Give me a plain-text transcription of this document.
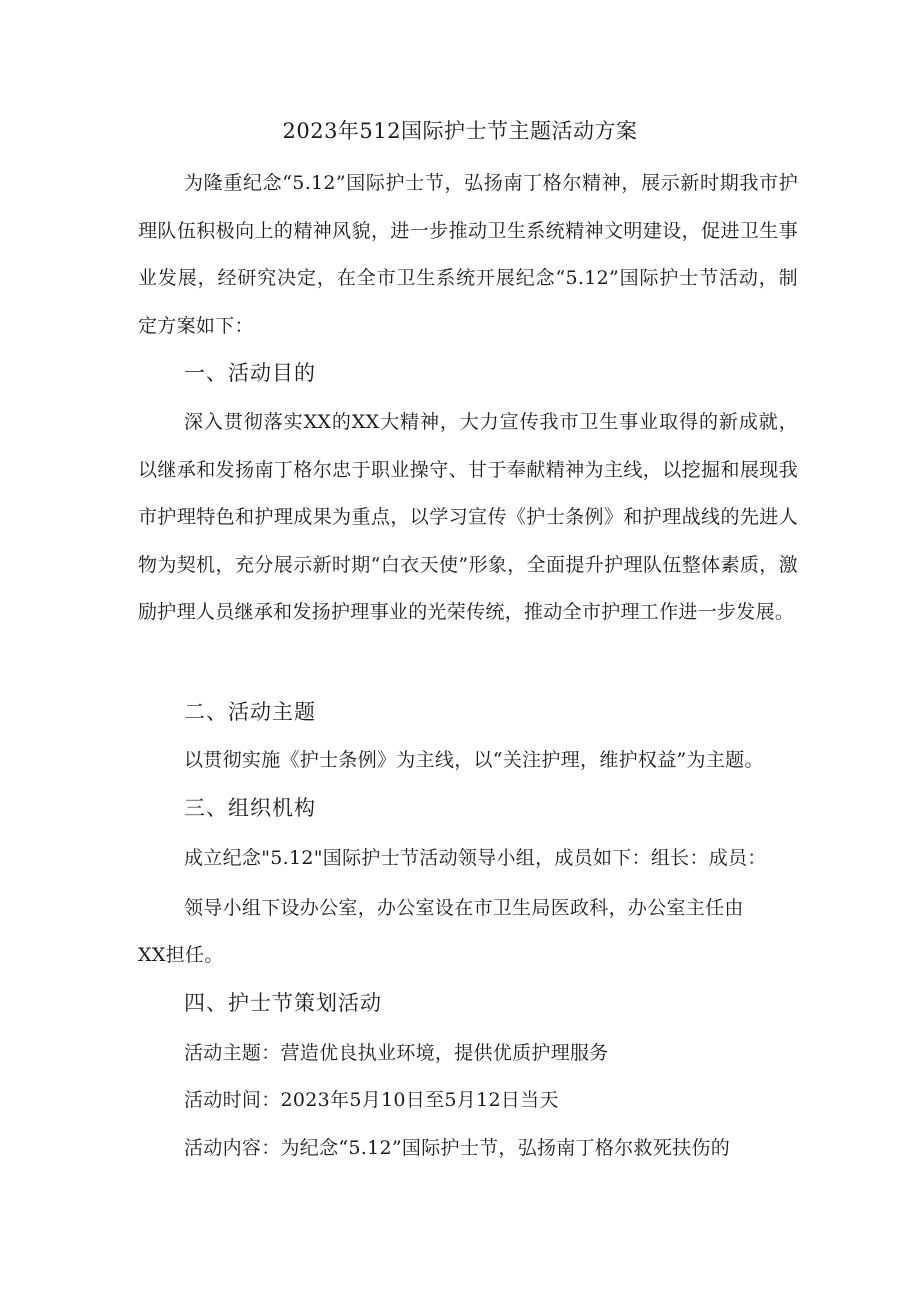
2023年512国际护士节主题活动方案

为隆重纪念“5.12”国际护士节，弘扬南丁格尔精神，展示新时期我市护理队伍积极向上的精神风貌，进一步推动卫生系统精神文明建设，促进卫生事业发展，经研究决定，在全市卫生系统开展纪念“5.12”国际护士节活动，制定方案如下：

一、活动目的

深入贯彻落实XX的XX大精神，大力宣传我市卫生事业取得的新成就，以继承和发扬南丁格尔忠于职业操守、甘于奉献精神为主线，以挖掘和展现我市护理特色和护理成果为重点，以学习宣传《护士条例》和护理战线的先进人物为契机，充分展示新时期“白衣天使”形象，全面提升护理队伍整体素质，激励护理人员继承和发扬护理事业的光荣传统，推动全市护理工作进一步发展。

二、活动主题
以贯彻实施《护士条例》为主线，以“关注护理，维护权益”为主题。
三、组织机构
成立纪念"5.12"国际护士节活动领导小组，成员如下：组长：成员：
领导小组下设办公室，办公室设在市卫生局医政科，办公室主任由
XX担任。
四、护士节策划活动
活动主题：营造优良执业环境，提供优质护理服务
活动时间：2023年5月10日至5月12日当天
活动内容：为纪念“5.12”国际护士节，弘扬南丁格尔救死扶伤的
